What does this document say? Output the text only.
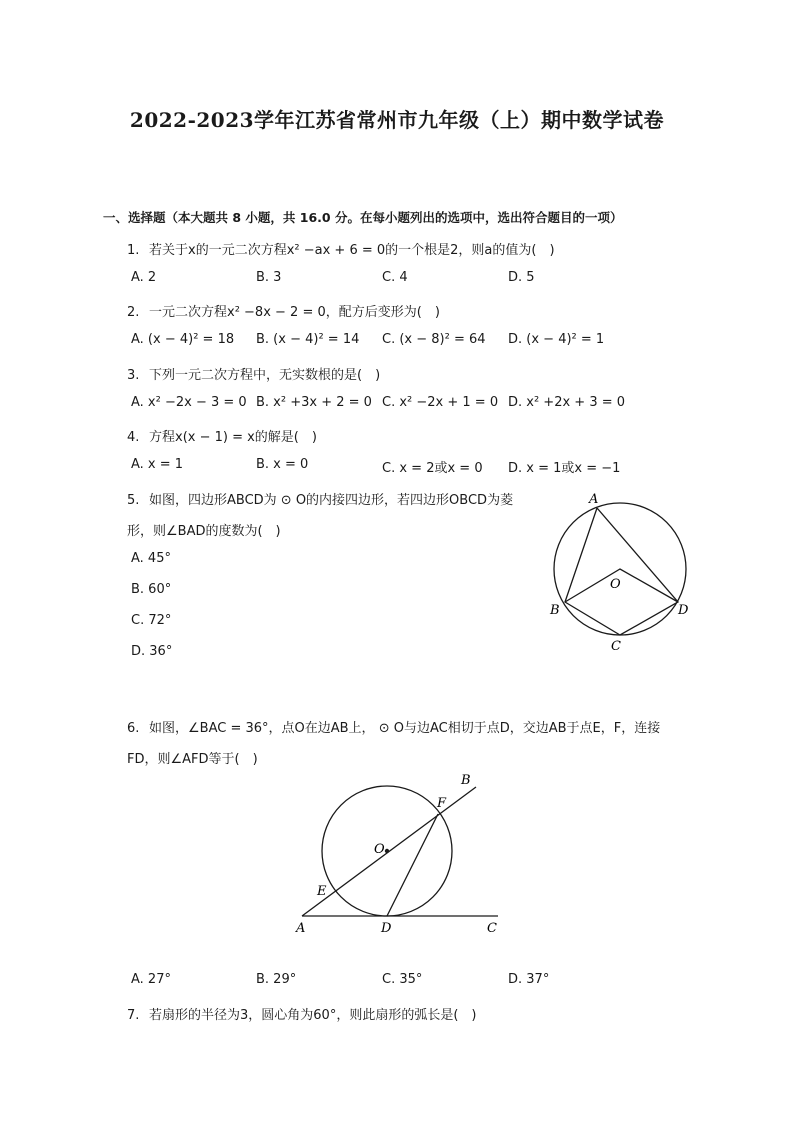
2022-2023学年江苏省常州市九年级（上）期中数学试卷
一、选择题（本大题共 8 小题，共 16.0 分。在每小题列出的选项中，选出符合题目的一项）
1. 若关于x的一元二次方程x² −ax + 6 = 0的一个根是2，则a的值为(　)
A. 2	B. 3	C. 4	D. 5
2. 一元二次方程x² −8x − 2 = 0，配方后变形为(　)
A. (x − 4)² = 18 B. (x − 4)² = 14 C. (x − 8)² = 64 D. (x − 4)² = 1
3. 下列一元二次方程中，无实数根的是(　)
A. x² −2x − 3 = 0 B. x² +3x + 2 = 0 C. x² −2x + 1 = 0 D. x² +2x + 3 = 0
4. 方程x(x − 1) = x的解是(　)
A. x = 1	B. x = 0	C. x = 2或x = 0 D. x = 1或x = −1
5. 如图，四边形ABCD为 ⊙ O的内接四边形，若四边形OBCD为菱
形，则∠BAD的度数为(　)
A. 45°
B. 60°
C. 72°
D. 36°
A
B
C
D
O
6. 如图，∠BAC = 36°，点O在边AB上， ⊙ O与边AC相切于点D，交边AB于点E，F，连接
FD，则∠AFD等于(　)
B
F
O
E
A	D	C
A. 27°	B. 29°	C. 35°	D. 37°
7. 若扇形的半径为3，圆心角为60°，则此扇形的弧长是(　)
